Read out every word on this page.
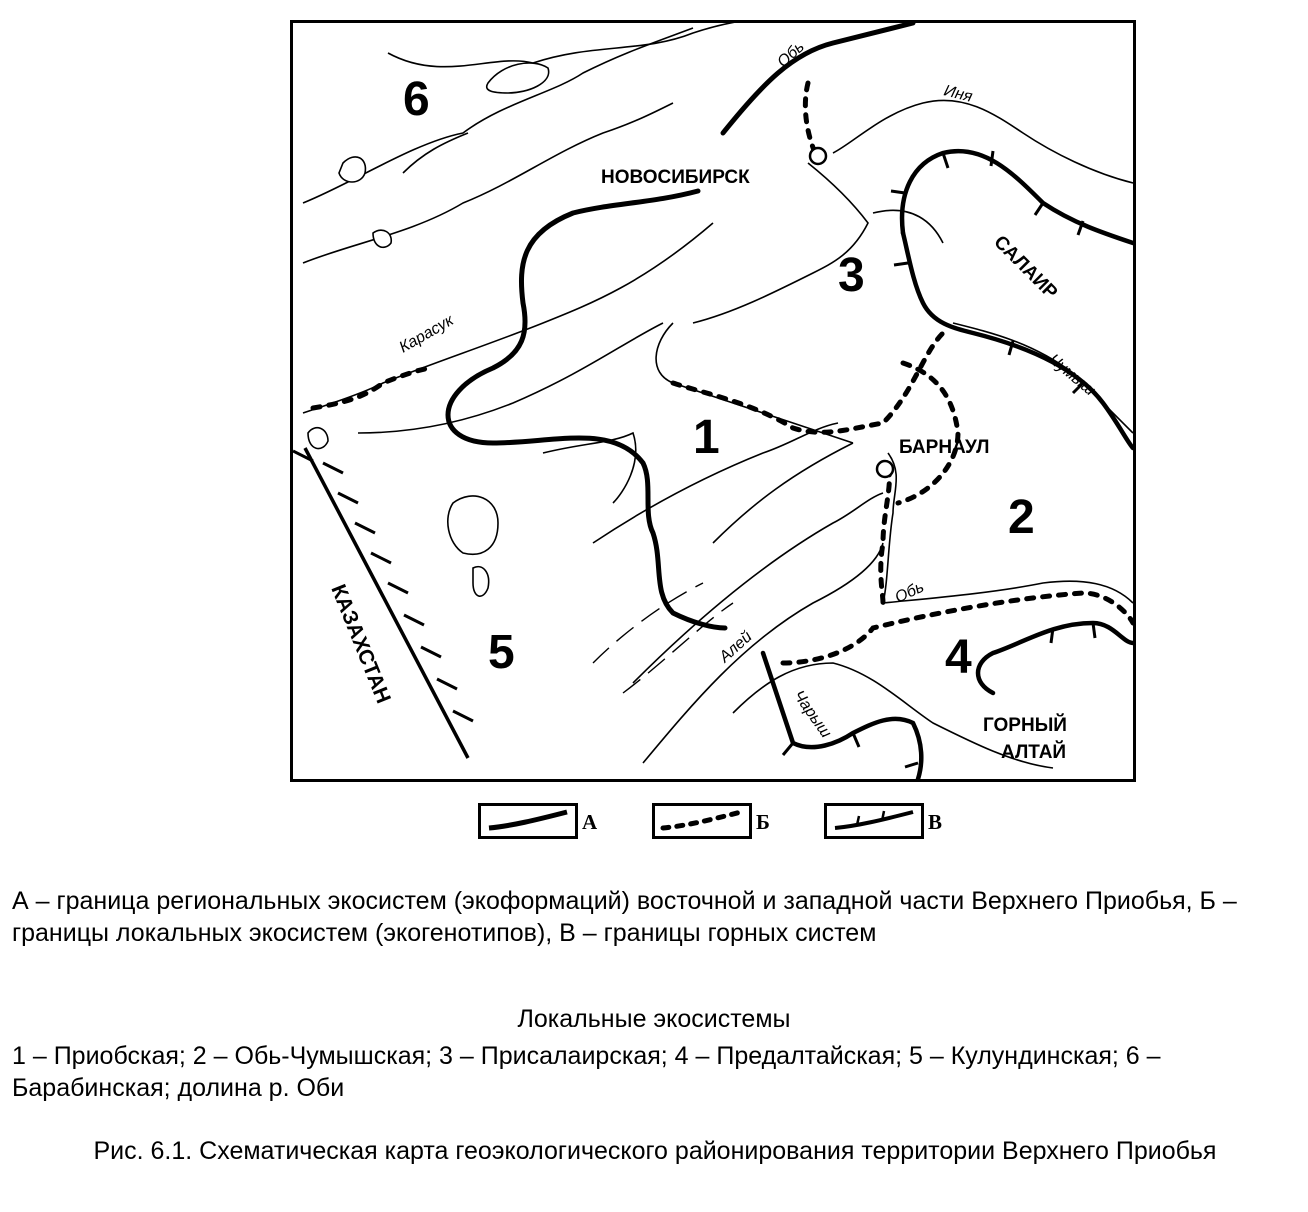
6
3
1
2
5	4
НОВОСИБИРСК
БАРНАУЛ
САЛАИР
ГОРНЫЙ
АЛТАЙ
КАЗАХСТАН
Обь
Иня
Карасук
Чумыш
Обь
Алей
Чарыш
А	Б	В
А – граница региональных экосистем (экоформаций) восточной и западной части Верхнего Приобья, Б – границы локальных экосистем (экогенотипов), В – границы горных систем
Локальные экосистемы
1 – Приобская; 2 – Обь-Чумышская; 3 – Присалаирская; 4 – Предалтайская; 5 – Кулундинская; 6 – Барабинская; долина р. Оби
Рис. 6.1. Схематическая карта геоэкологического районирования территории Верхнего Приобья
